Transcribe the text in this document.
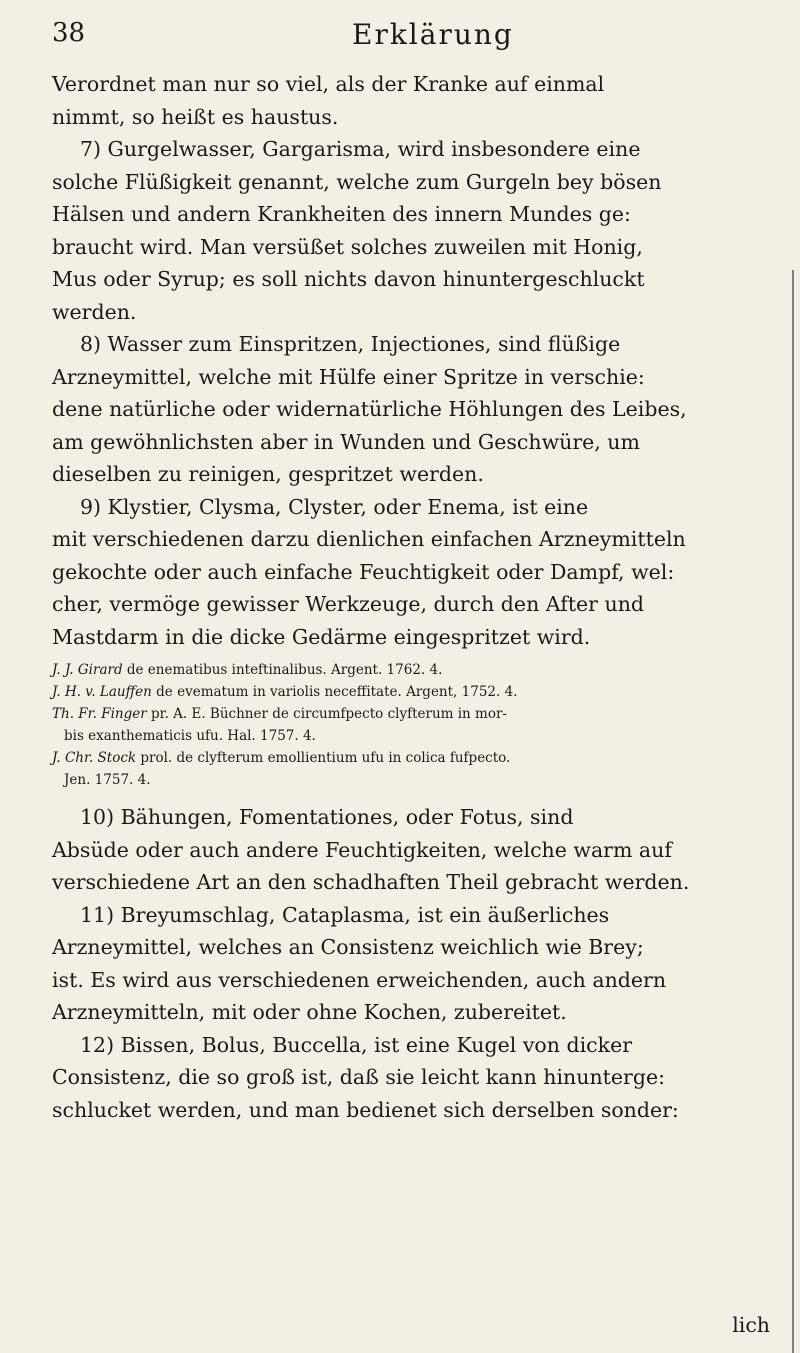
38	Erklärung

Verordnet man nur so viel, als der Kranke auf einmal
nimmt, so heißt es haustus.

7) Gurgelwasser, Gargarisma, wird insbesondere eine
solche Flüßigkeit genannt, welche zum Gurgeln bey bösen
Hälsen und andern Krankheiten des innern Mundes ge:
braucht wird. Man versüßet solches zuweilen mit Honig,
Mus oder Syrup; es soll nichts davon hinuntergeschluckt
werden.

8) Wasser zum Einspritzen, Injectiones, sind flüßige
Arzneymittel, welche mit Hülfe einer Spritze in verschie:
dene natürliche oder widernatürliche Höhlungen des Leibes,
am gewöhnlichsten aber in Wunden und Geschwüre, um
dieselben zu reinigen, gespritzet werden.

9) Klystier, Clysma, Clyster, oder Enema, ist eine
mit verschiedenen darzu dienlichen einfachen Arzneymitteln
gekochte oder auch einfache Feuchtigkeit oder Dampf, wel:
cher, vermöge gewisser Werkzeuge, durch den After und
Mastdarm in die dicke Gedärme eingespritzet wird.

J. J. Girard de enematibus inteftinalibus. Argent. 1762. 4.
J. H. v. Lauffen de evematum in variolis neceffitate. Argent, 1752. 4.
Th. Fr. Finger pr. A. E. Büchner de circumfpecto clyfterum in mor-
bis exanthematicis ufu. Hal. 1757. 4.
J. Chr. Stock prol. de clyfterum emollientium ufu in colica fufpecto.
Jen. 1757. 4.

10) Bähungen, Fomentationes, oder Fotus, sind
Absüde oder auch andere Feuchtigkeiten, welche warm auf
verschiedene Art an den schadhaften Theil gebracht werden.

11) Breyumschlag, Cataplasma, ist ein äußerliches
Arzneymittel, welches an Consistenz weichlich wie Brey;
ist. Es wird aus verschiedenen erweichenden, auch andern
Arzneymitteln, mit oder ohne Kochen, zubereitet.

12) Bissen, Bolus, Buccella, ist eine Kugel von dicker
Consistenz, die so groß ist, daß sie leicht kann hinunterge:
schlucket werden, und man bedienet sich derselben sonder:

lich
